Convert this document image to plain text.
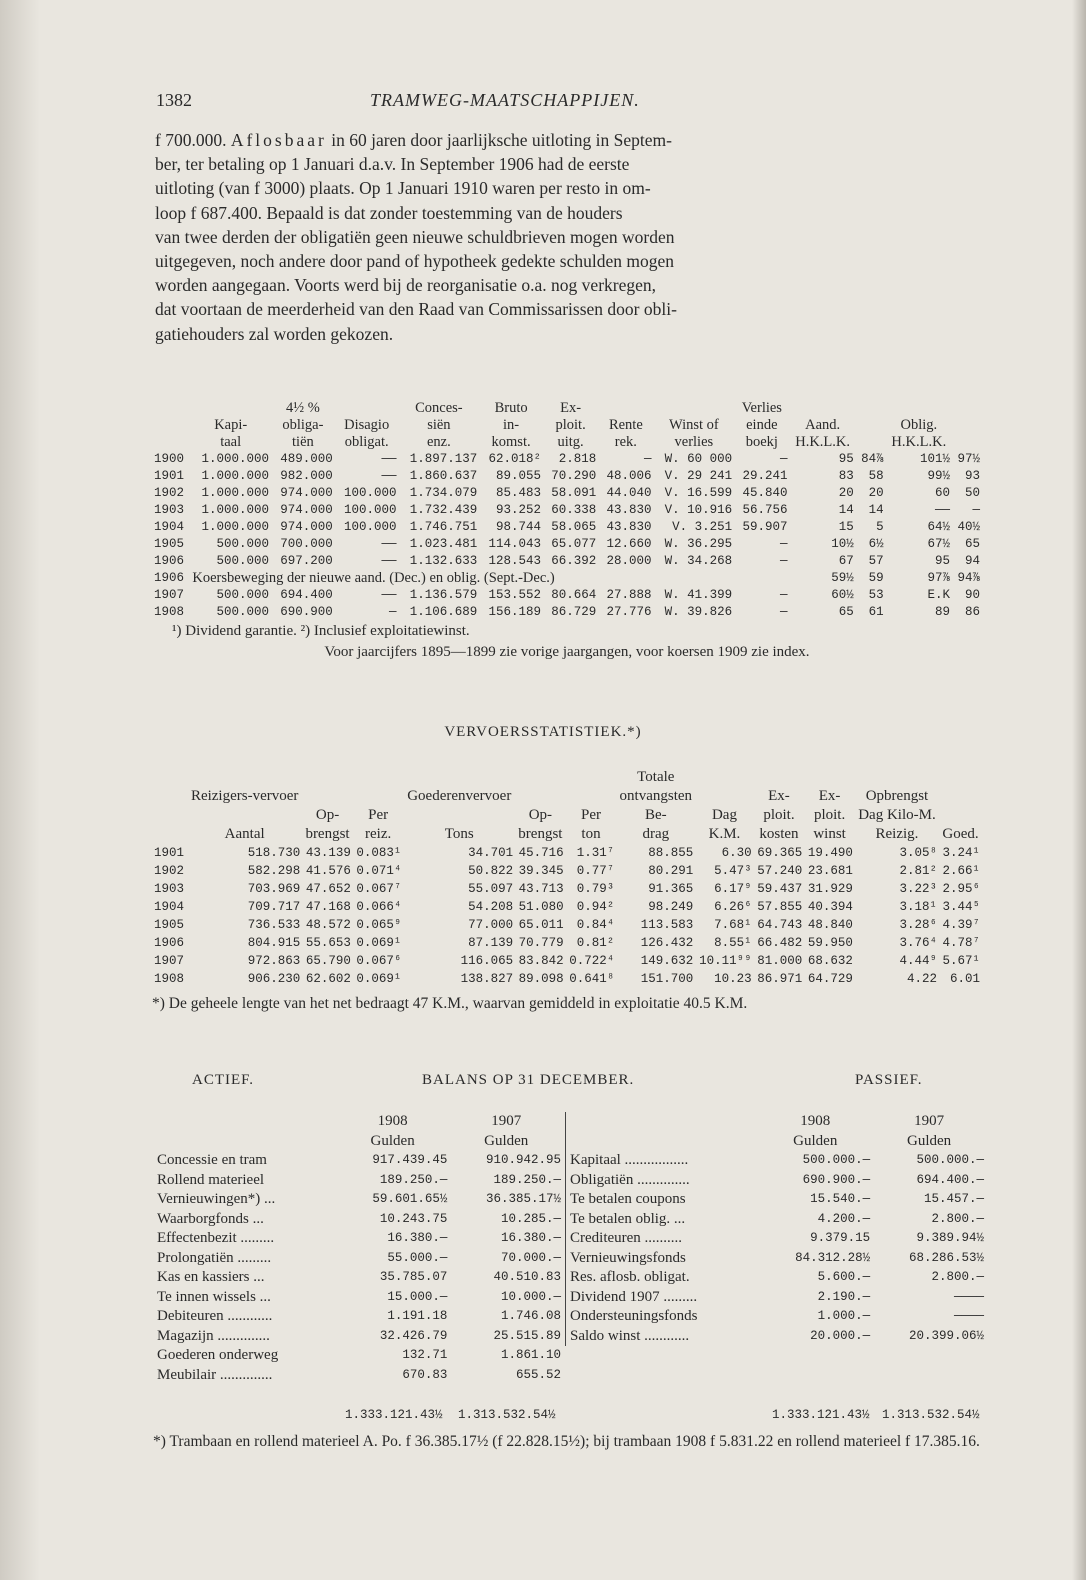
1382	TRAMWEG-MAATSCHAPPIJEN.
f 700.000. Aflosbaar in 60 jaren door jaarlijksche uitloting in Septem-
ber, ter betaling op 1 Januari d.a.v. In September 1906 had de eerste
uitloting (van f 3000) plaats. Op 1 Januari 1910 waren per resto in om-
loop f 687.400. Bepaald is dat zonder toestemming van de houders
van twee derden der obligatiën geen nieuwe schuldbrieven mogen worden
uitgegeven, noch andere door pand of hypotheek gedekte schulden mogen
worden aangegaan. Voorts werd bij de reorganisatie o.a. nog verkregen,
dat voortaan de meerderheid van den Raad van Commissarissen door obli-
gatiehouders zal worden gekozen.
		4½ %		Conces-	Bruto	Ex-			Verlies				
	Kapi-	obliga-	Disagio	siën	in-	ploit.	Rente	Winst of	einde	Aand.		Oblig.	
	taal	tiën	obligat.	enz.	komst.	uitg.	rek.	verlies	boekj	H.K.L.K.		H.K.L.K.	
1900	1.000.000	489.000	——	1.897.137	62.018²	2.818	—	W. 60 000	—	95	84⅞	101½	97½
1901	1.000.000	982.000	——	1.860.637	89.055	70.290	48.006	V. 29 241	29.241	83	58	99½	93
1902	1.000.000	974.000	100.000	1.734.079	85.483	58.091	44.040	V. 16.599	45.840	20	20	60	50
1903	1.000.000	974.000	100.000	1.732.439	93.252	60.338	43.830	V. 10.916	56.756	14	14	——	—
1904	1.000.000	974.000	100.000	1.746.751	98.744	58.065	43.830	V. 3.251	59.907	15	5	64½	40½
1905	500.000	700.000	——	1.023.481	114.043	65.077	12.660	W. 36.295	—	10½	6½	67½	65
1906	500.000	697.200	——	1.132.633	128.543	66.392	28.000	W. 34.268	—	67	57	95	94
1906	Koersbeweging der nieuwe aand. (Dec.) en oblig. (Sept.-Dec.)									59½	59	97⅞	94⅞
1907	500.000	694.400	——	1.136.579	153.552	80.664	27.888	W. 41.399	—	60½	53	E.K	90
1908	500.000	690.900	—	1.106.689	156.189	86.729	27.776	W. 39.826	—	65	61	89	86
¹) Dividend garantie. ²) Inclusief exploitatiewinst.
Voor jaarcijfers 1895—1899 zie vorige jaargangen, voor koersen 1909 zie index.
VERVOERSSTATISTIEK.*)
							Totale					
	Reizigers-vervoer			Goederenvervoer			ontvangsten		Ex-	Ex-	Opbrengst	
		Op-	Per		Op-	Per	Be-	Dag	ploit.	ploit.	Dag Kilo-M.	
	Aantal	brengst	reiz.	Tons	brengst	ton	drag	K.M.	kosten	winst	Reizig.	Goed.
1901	518.730	43.139	0.083¹	34.701	45.716	1.31⁷	88.855	6.30	69.365	19.490	3.05⁸	3.24¹
1902	582.298	41.576	0.071⁴	50.822	39.345	0.77⁷	80.291	5.47³	57.240	23.681	2.81²	2.66¹
1903	703.969	47.652	0.067⁷	55.097	43.713	0.79³	91.365	6.17⁹	59.437	31.929	3.22³	2.95⁶
1904	709.717	47.168	0.066⁴	54.208	51.080	0.94²	98.249	6.26⁶	57.855	40.394	3.18¹	3.44⁵
1905	736.533	48.572	0.065⁹	77.000	65.011	0.84⁴	113.583	7.68¹	64.743	48.840	3.28⁶	4.39⁷
1906	804.915	55.653	0.069¹	87.139	70.779	0.81²	126.432	8.55¹	66.482	59.950	3.76⁴	4.78⁷
1907	972.863	65.790	0.067⁶	116.065	83.842	0.722⁴	149.632	10.11⁹⁹	81.000	68.632	4.44⁹	5.67¹
1908	906.230	62.602	0.069¹	138.827	89.098	0.641⁸	151.700	10.23	86.971	64.729	4.22	6.01
*) De geheele lengte van het net bedraagt 47 K.M., waarvan gemiddeld in exploitatie 40.5 K.M.
ACTIEF.	BALANS OP 31 DECEMBER.	PASSIEF.
	1908	1907
	Gulden	Gulden
Concessie en tram	917.439.45	910.942.95
Rollend materieel	189.250.—	189.250.—
Vernieuwingen*) ...	59.601.65½	36.385.17½
Waarborgfonds ...	10.243.75	10.285.—
Effectenbezit .........	16.380.—	16.380.—
Prolongatiën .........	55.000.—	70.000.—
Kas en kassiers ...	35.785.07	40.510.83
Te innen wissels ...	15.000.—	10.000.—
Debiteuren ............	1.191.18	1.746.08
Magazijn ..............	32.426.79	25.515.89
Goederen onderweg	132.71	1.861.10
Meubilair ..............	670.83	655.52
	1908	1907
	Gulden	Gulden
Kapitaal .................	500.000.—	500.000.—
Obligatiën ..............	690.900.—	694.400.—
Te betalen coupons	15.540.—	15.457.—
Te betalen oblig. ...	4.200.—	2.800.—
Crediteuren ..........	9.379.15	9.389.94½
Vernieuwingsfonds	84.312.28½	68.286.53½
Res. aflosb. obligat.	5.600.—	2.800.—
Dividend 1907 .........	2.190.—	————
Ondersteuningsfonds	1.000.—	————
Saldo winst ............	20.000.—	20.399.06½
1.333.121.43½ 1.313.532.54½	1.333.121.43½ 1.313.532.54½
*) Trambaan en rollend materieel A. Po. f 36.385.17½ (f 22.828.15½); bij trambaan 1908 f 5.831.22 en rollend materieel f 17.385.16.
